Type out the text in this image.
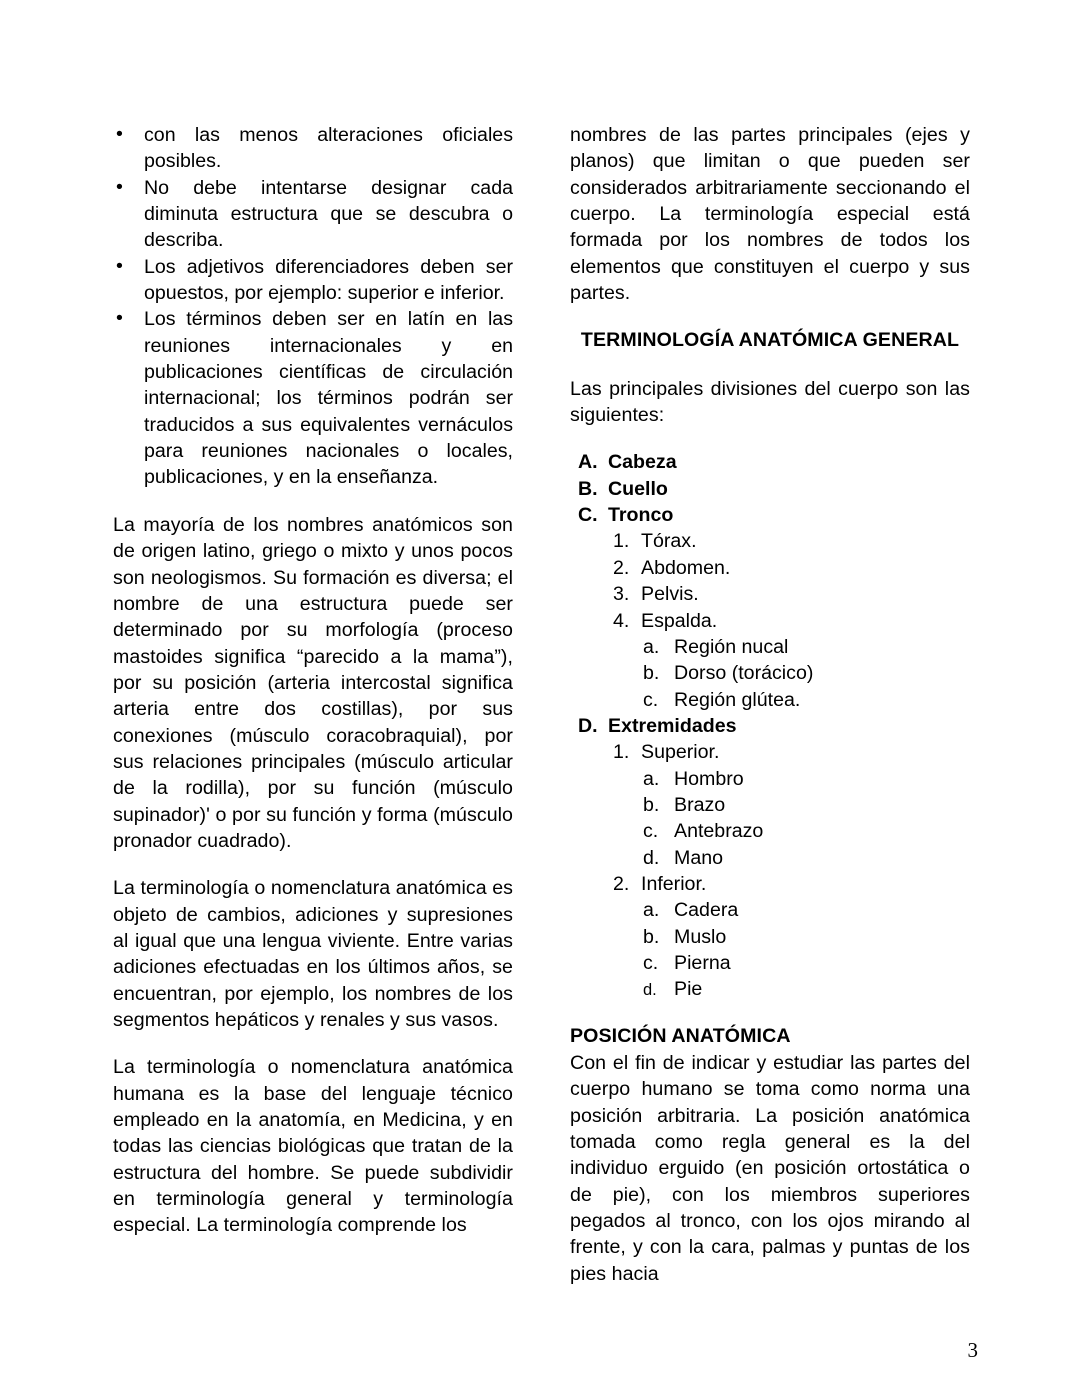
• con las menos alteraciones oficiales posibles.
• No debe intentarse designar cada diminuta estructura que se descubra o describa.
• Los adjetivos diferenciadores deben ser opuestos, por ejemplo: superior e inferior.
• Los términos deben ser en latín en las reuniones internacionales y en publicaciones científicas de circulación internacional; los términos podrán ser traducidos a sus equivalentes vernáculos para reuniones nacionales o locales, publicaciones, y en la enseñanza.

La mayoría de los nombres anatómicos son de origen latino, griego o mixto y unos pocos son neologismos. Su formación es diversa; el nombre de una estructura puede ser determinado por su morfología (proceso mastoides significa “parecido a la mama”), por su posición (arteria intercostal significa arteria entre dos costillas), por sus conexiones (músculo coracobraquial), por sus relaciones principales (músculo articular de la rodilla), por su función (músculo supinador)' o por su función y forma (músculo pronador cuadrado).

La terminología o nomenclatura anatómica es objeto de cambios, adiciones y supresiones al igual que una lengua viviente. Entre varias adiciones efectuadas en los últimos años, se encuentran, por ejemplo, los nombres de los segmentos hepáticos y renales y sus vasos.

La terminología o nomenclatura anatómica humana es la base del lenguaje técnico empleado en la anatomía, en Medicina, y en todas las ciencias biológicas que tratan de la estructura del hombre. Se puede subdividir en terminología general y terminología especial. La terminología comprende los

nombres de las partes principales (ejes y planos) que limitan o que pueden ser considerados arbitrariamente seccionando el cuerpo. La terminología especial está formada por los nombres de todos los elementos que constituyen el cuerpo y sus partes.

TERMINOLOGÍA ANATÓMICA GENERAL

Las principales divisiones del cuerpo son las siguientes:

A. Cabeza
B. Cuello
C. Tronco
1. Tórax.
2. Abdomen.
3. Pelvis.
4. Espalda.
a. Región nucal
b. Dorso (torácico)
c. Región glútea.
D. Extremidades
1. Superior.
a. Hombro
b. Brazo
c. Antebrazo
d. Mano
2. Inferior.
a. Cadera
b. Muslo
c. Pierna
d. Pie
POSICIÓN ANATÓMICA

Con el fin de indicar y estudiar las partes del cuerpo humano se toma como norma una posición arbitraria. La posición anatómica tomada como regla general es la del individuo erguido (en posición ortostática o de pie), con los miembros superiores pegados al tronco, con los ojos mirando al frente, y con la cara, palmas y puntas de los pies hacia

3
